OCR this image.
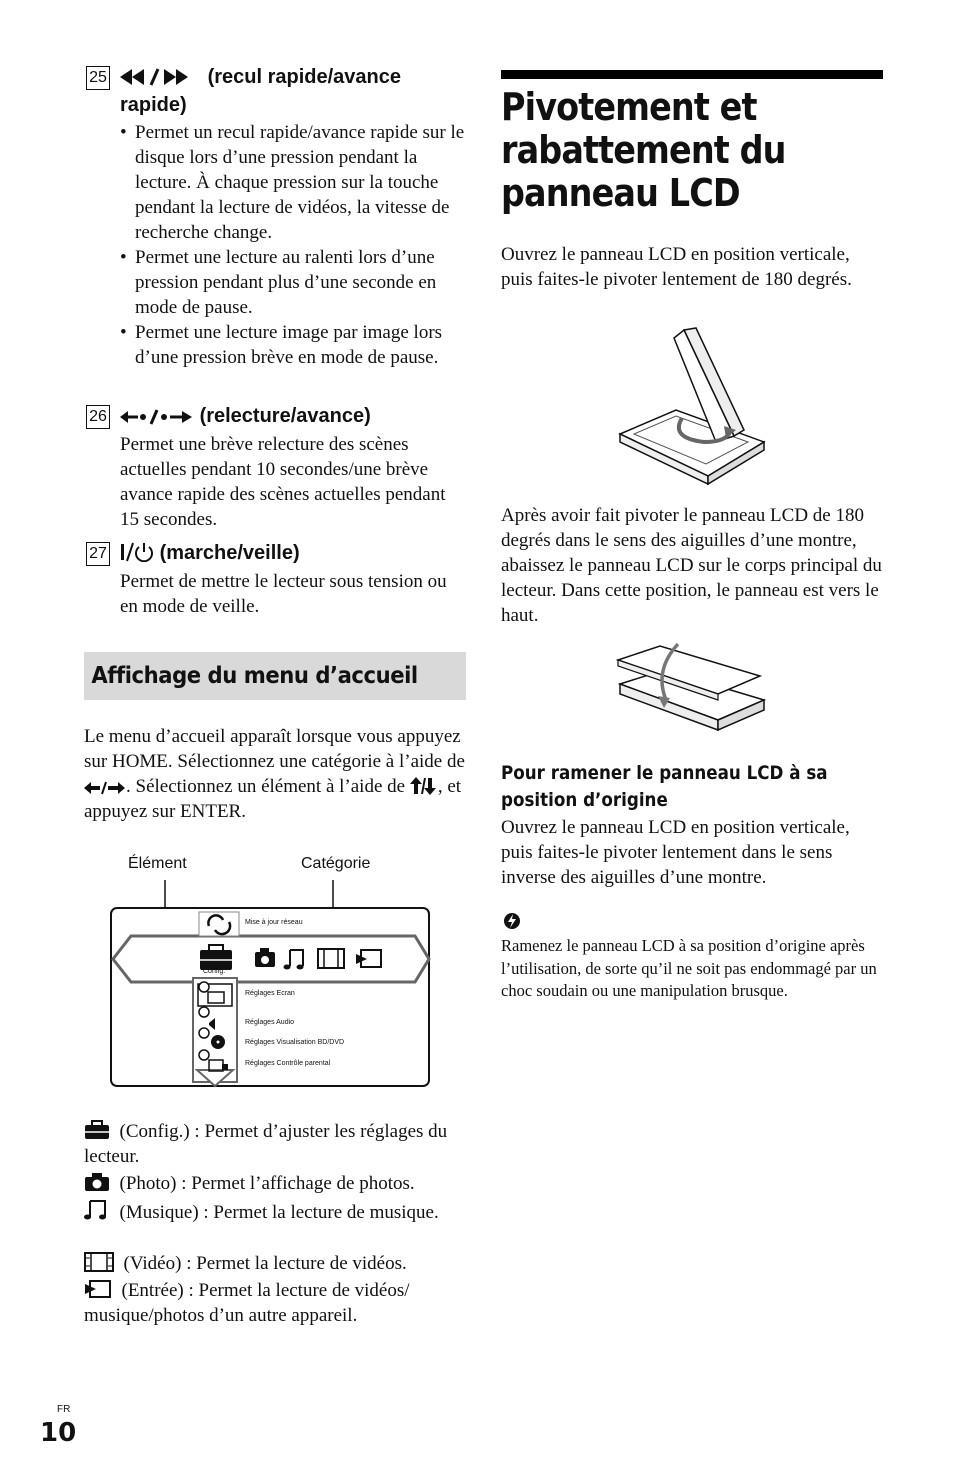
25	(recul rapide/avance
rapide)
• Permet un recul rapide/avance rapide sur le disque lors d’une pression pendant la lecture. À chaque pression sur la touche pendant la lecture de vidéos, la vitesse de recherche change.
• Permet une lecture au ralenti lors d’une pression pendant plus d’une seconde en mode de pause.
• Permet une lecture image par image lors d’une pression brève en mode de pause.
26	(relecture/avance)
Permet une brève relecture des scènes actuelles pendant 10 secondes/une brève avance rapide des scènes actuelles pendant 15 secondes.
27	(marche/veille)
Permet de mettre le lecteur sous tension ou en mode de veille.
Affichage du menu d’accueil
Le menu d’accueil apparaît lorsque vous appuyez sur HOME. Sélectionnez une catégorie à l’aide de . Sélectionnez un élément à l’aide de , et appuyez sur ENTER.
Élément	Catégorie
Mise à jour réseau
Config.
Réglages Ecran
Réglages Audio
Réglages Visualisation BD/DVD
Réglages Contrôle parental
(Config.) : Permet d’ajuster les réglages du lecteur.
(Photo) : Permet l’affichage de photos.
(Musique) : Permet la lecture de musique.
(Vidéo) : Permet la lecture de vidéos.
(Entrée) : Permet la lecture de vidéos/ musique/photos d’un autre appareil.
Pivotement et rabattement du panneau LCD
Ouvrez le panneau LCD en position verticale, puis faites-le pivoter lentement de 180 degrés.
Après avoir fait pivoter le panneau LCD de 180 degrés dans le sens des aiguilles d’une montre, abaissez le panneau LCD sur le corps principal du lecteur. Dans cette position, le panneau est vers le haut.
Pour ramener le panneau LCD à sa position d’origine
Ouvrez le panneau LCD en position verticale, puis faites-le pivoter lentement dans le sens inverse des aiguilles d’une montre.
Ramenez le panneau LCD à sa position d’origine après l’utilisation, de sorte qu’il ne soit pas endommagé par un choc soudain ou une manipulation brusque.
FR
10
